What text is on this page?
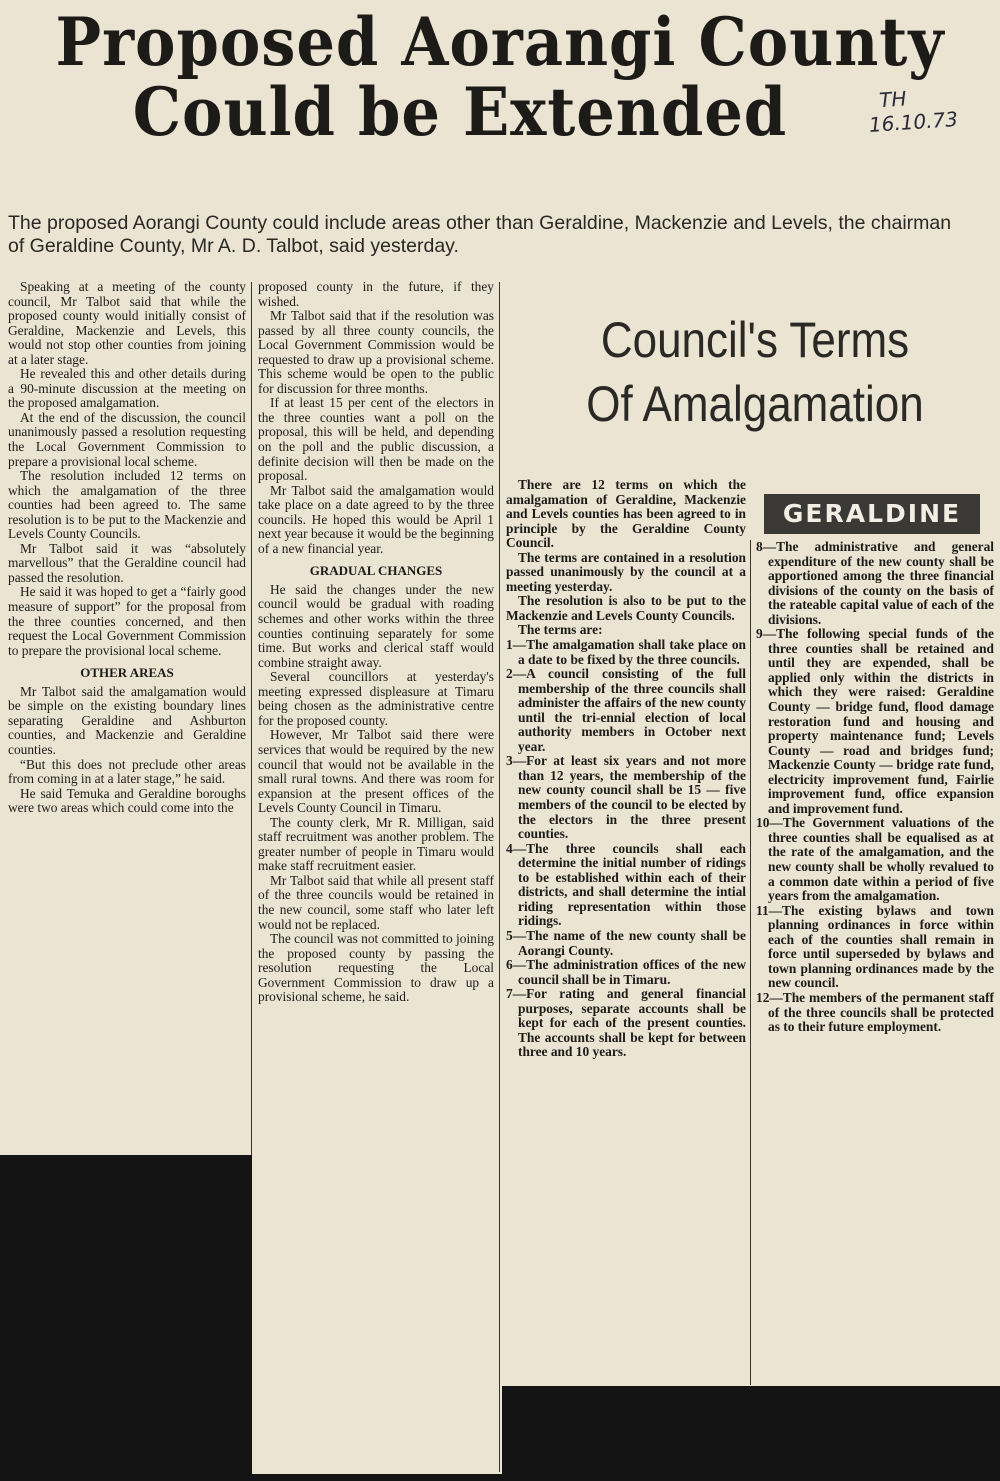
Proposed Aorangi County
Could be Extended	TH
16.10.73
The proposed Aorangi County could include areas other than Geraldine, Mackenzie and Levels, the chairman of Geraldine County, Mr A. D. Talbot, said yesterday.

Speaking at a meeting of the county council, Mr Talbot said that while the proposed county would initially consist of Geraldine, Mackenzie and Levels, this would not stop other counties from joining at a later stage.

He revealed this and other details during a 90-minute discussion at the meeting on the proposed amalgamation.

At the end of the discussion, the council unanimously passed a resolution requesting the Local Government Commission to prepare a provisional local scheme.

The resolution included 12 terms on which the amalgamation of the three counties had been agreed to. The same resolution is to be put to the Mackenzie and Levels County Councils.

Mr Talbot said it was “absolutely marvellous” that the Geraldine council had passed the resolution.

He said it was hoped to get a “fairly good measure of support” for the proposal from the three counties concerned, and then request the Local Government Commission to prepare the provisional local scheme.

OTHER AREAS

Mr Talbot said the amalgamation would be simple on the existing boundary lines separating Geraldine and Ashburton counties, and Mackenzie and Geraldine counties.

“But this does not preclude other areas from coming in at a later stage,” he said.

He said Temuka and Geraldine boroughs were two areas which could come into the

proposed county in the future, if they wished.

Mr Talbot said that if the resolution was passed by all three county councils, the Local Government Commission would be requested to draw up a provisional scheme. This scheme would be open to the public for discussion for three months.

If at least 15 per cent of the electors in the three counties want a poll on the proposal, this will be held, and depending on the poll and the public discussion, a definite decision will then be made on the proposal.

Mr Talbot said the amalgamation would take place on a date agreed to by the three councils. He hoped this would be April 1 next year because it would be the beginning of a new financial year.

GRADUAL CHANGES

He said the changes under the new council would be gradual with roading schemes and other works within the three counties continuing separately for some time. But works and clerical staff would combine straight away.

Several councillors at yesterday's meeting expressed displeasure at Timaru being chosen as the administrative centre for the proposed county.

However, Mr Talbot said there were services that would be required by the new council that would not be available in the small rural towns. And there was room for expansion at the present offices of the Levels County Council in Timaru.

The county clerk, Mr R. Milligan, said staff recruitment was another problem. The greater number of people in Timaru would make staff recruitment easier.

Mr Talbot said that while all present staff of the three councils would be retained in the new council, some staff who later left would not be replaced.

The council was not committed to joining the proposed county by passing the resolution requesting the Local Government Commission to draw up a provisional scheme, he said.

Council's Terms
Of Amalgamation
GERALDINE

There are 12 terms on which the amalgamation of Geraldine, Mackenzie and Levels counties has been agreed to in principle by the Geraldine County Council.

The terms are contained in a resolution passed unanimously by the council at a meeting yesterday.

The resolution is also to be put to the Mackenzie and Levels County Councils.

The terms are:

1—The amalgamation shall take place on a date to be fixed by the three councils.

2—A council consisting of the full membership of the three councils shall administer the affairs of the new county until the tri-ennial election of local authority members in October next year.

3—For at least six years and not more than 12 years, the membership of the new county council shall be 15 — five members of the council to be elected by the electors in the three present counties.

4—The three councils shall each determine the initial number of ridings to be established within each of their districts, and shall determine the intial riding representation within those ridings.

5—The name of the new county shall be Aorangi County.

6—The administration offices of the new council shall be in Timaru.

7—For rating and general financial purposes, separate accounts shall be kept for each of the present counties. The accounts shall be kept for between three and 10 years.

8—The administrative and general expenditure of the new county shall be apportioned among the three financial divisions of the county on the basis of the rateable capital value of each of the divisions.

9—The following special funds of the three counties shall be retained and until they are expended, shall be applied only within the districts in which they were raised: Geraldine County — bridge fund, flood damage restoration fund and housing and property maintenance fund; Levels County — road and bridges fund; Mackenzie County — bridge rate fund, electricity improvement fund, Fairlie improvement fund, office expansion and improvement fund.

10—The Government valuations of the three counties shall be equalised as at the rate of the amalgamation, and the new county shall be wholly revalued to a common date within a period of five years from the amalgamation.

11—The existing bylaws and town planning ordinances in force within each of the counties shall remain in force until superseded by bylaws and town planning ordinances made by the new council.

12—The members of the permanent staff of the three councils shall be protected as to their future employment.
